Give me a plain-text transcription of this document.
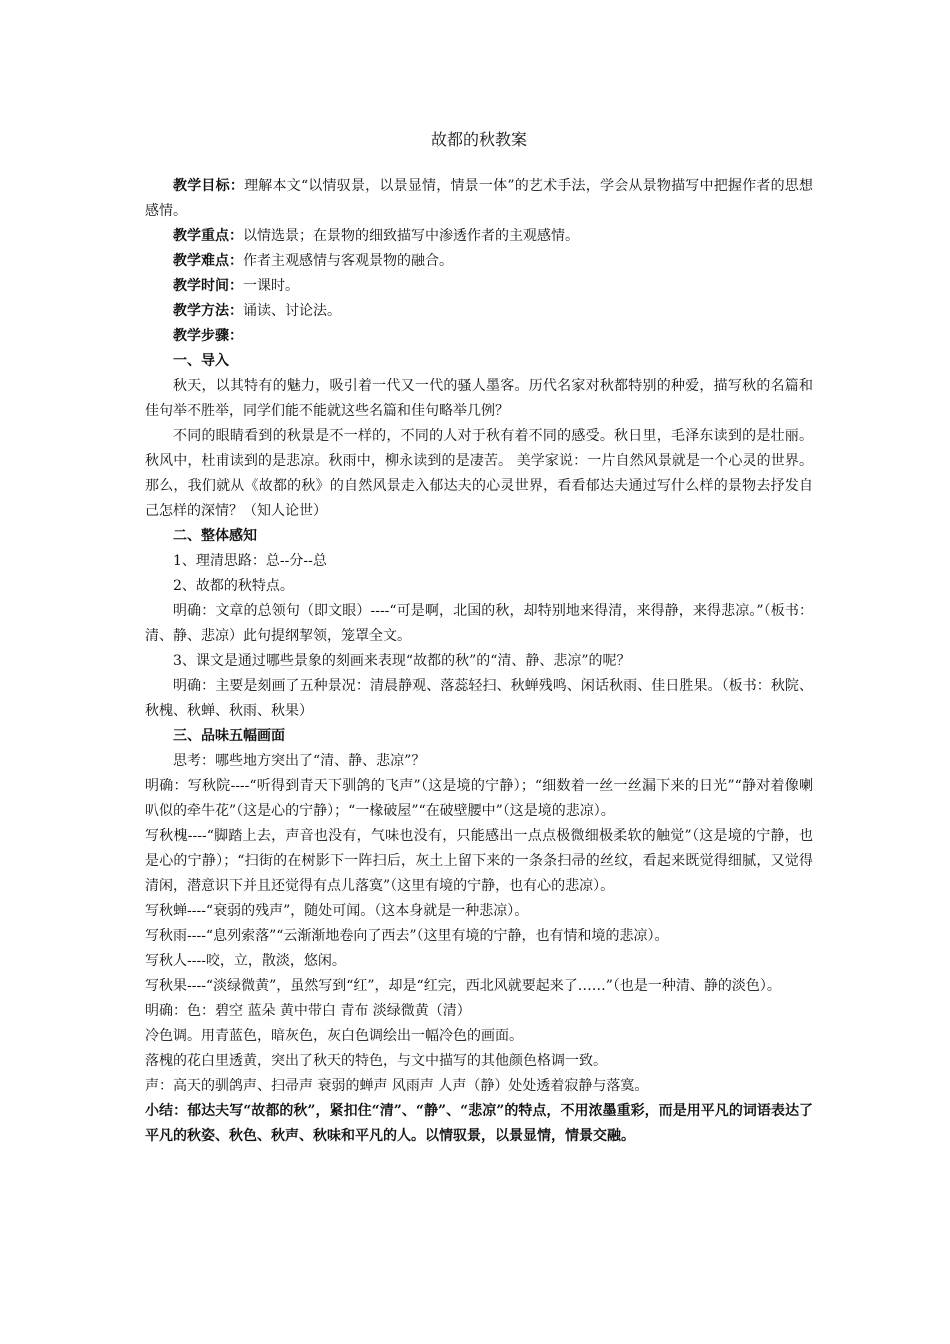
故都的秋教案

教学目标：理解本文“以情驭景，以景显情，情景一体”的艺术手法，学会从景物描写中把握作者的思想感情。

教学重点：以情选景；在景物的细致描写中渗透作者的主观感情。

教学难点：作者主观感情与客观景物的融合。

教学时间：一课时。

教学方法：诵读、讨论法。

教学步骤：

一、导入

秋天，以其特有的魅力，吸引着一代又一代的骚人墨客。历代名家对秋都特别的种爱，描写秋的名篇和佳句举不胜举，同学们能不能就这些名篇和佳句略举几例？

不同的眼睛看到的秋景是不一样的，不同的人对于秋有着不同的感受。秋日里，毛泽东读到的是壮丽。秋风中，杜甫读到的是悲凉。秋雨中，柳永读到的是凄苦。 美学家说：一片自然风景就是一个心灵的世界。那么，我们就从《故都的秋》的自然风景走入郁达夫的心灵世界，看看郁达夫通过写什么样的景物去抒发自己怎样的深情？（知人论世）

二、整体感知

1、理清思路：总--分--总

2、故都的秋特点。

明确：文章的总领句（即文眼）----“可是啊，北国的秋，却特别地来得清，来得静，来得悲凉。”（板书：清、静、悲凉）此句提纲挈领，笼罩全文。

3、课文是通过哪些景象的刻画来表现“故都的秋”的“清、静、悲凉”的呢？

明确：主要是刻画了五种景况：清晨静观、落蕊轻扫、秋蝉残鸣、闲话秋雨、佳日胜果。（板书：秋院、秋槐、秋蝉、秋雨、秋果）

三、品味五幅画面

思考：哪些地方突出了“清、静、悲凉”？

明确：写秋院----“听得到青天下驯鸽的飞声”（这是境的宁静）；“细数着一丝一丝漏下来的日光”“静对着像喇叭似的牵牛花”（这是心的宁静）；“一椽破屋”“在破壁腰中”（这是境的悲凉）。

写秋槐----“脚踏上去，声音也没有，气味也没有，只能感出一点点极微细极柔软的触觉”（这是境的宁静，也是心的宁静）；“扫街的在树影下一阵扫后，灰土上留下来的一条条扫帚的丝纹，看起来既觉得细腻，又觉得清闲，潜意识下并且还觉得有点儿落寞”（这里有境的宁静，也有心的悲凉）。

写秋蝉----“衰弱的残声”，随处可闻。（这本身就是一种悲凉）。

写秋雨----“息列索落”“云渐渐地卷向了西去”（这里有境的宁静，也有情和境的悲凉）。

写秋人----咬，立，散淡，悠闲。

写秋果----“淡绿微黄”，虽然写到“红”，却是“红完，西北风就要起来了……”（也是一种清、静的淡色）。

明确：色：碧空 蓝朵 黄中带白 青布 淡绿微黄（清）

冷色调。用青蓝色，暗灰色，灰白色调绘出一幅冷色的画面。

落槐的花白里透黄，突出了秋天的特色，与文中描写的其他颜色格调一致。

声：高天的驯鸽声、扫帚声 衰弱的蝉声 风雨声 人声（静）处处透着寂静与落寞。

小结：郁达夫写“故都的秋”，紧扣住“清”、“静”、“悲凉”的特点，不用浓墨重彩，而是用平凡的词语表达了平凡的秋姿、秋色、秋声、秋味和平凡的人。以情驭景，以景显情，情景交融。
